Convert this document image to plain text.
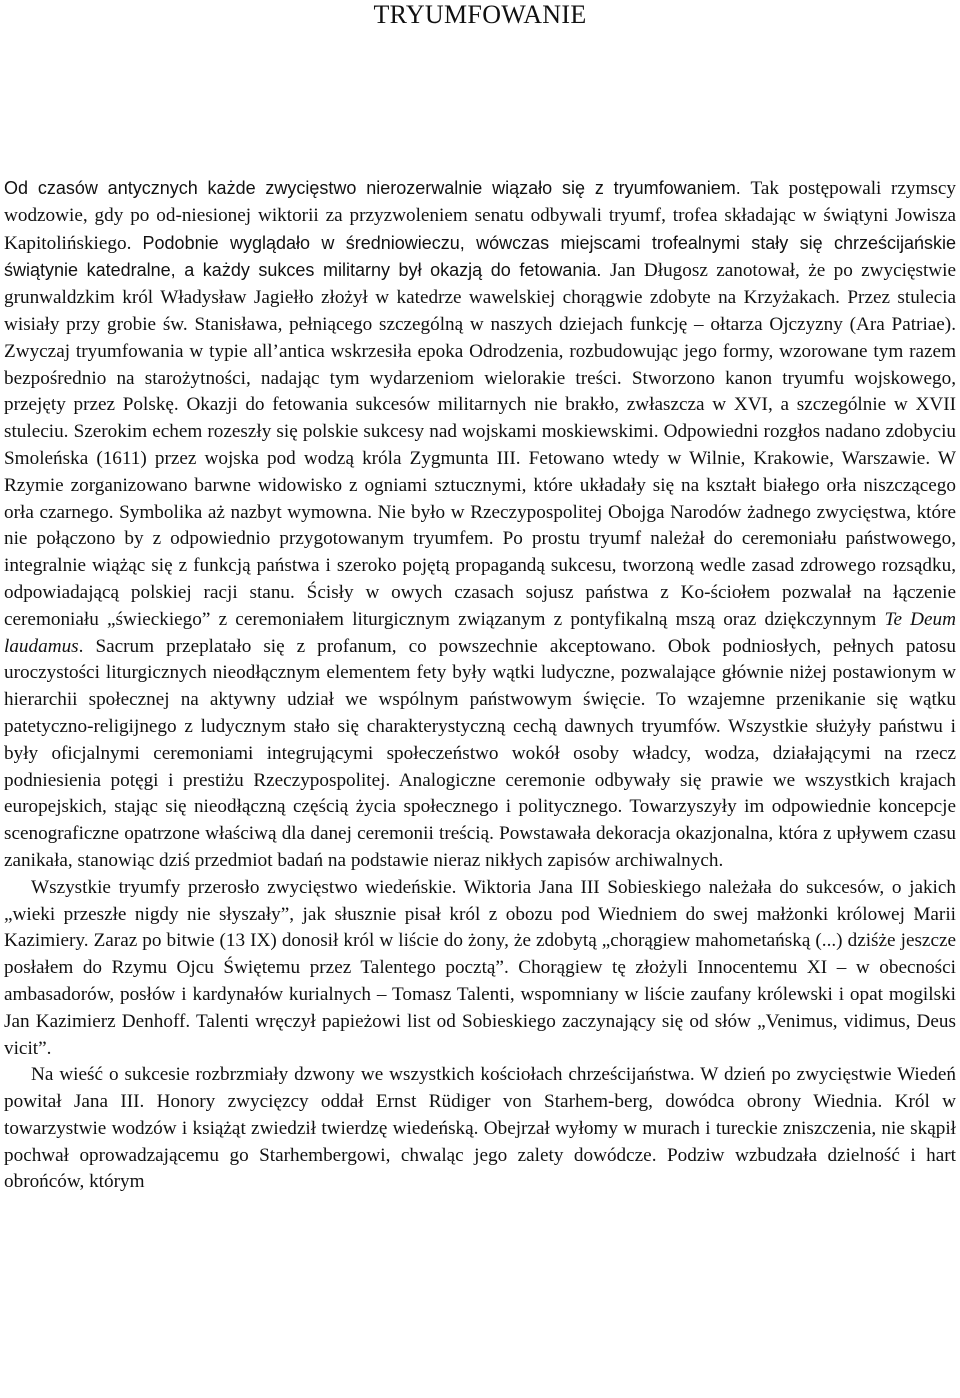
TRYUMFOWANIE

Od czasów antycznych każde zwycięstwo nierozerwalnie wiązało się z tryumfowaniem. Tak postępowali rzymscy wodzowie, gdy po od-niesionej wiktorii za przyzwoleniem senatu odbywali tryumf, trofea składając w świątyni Jowisza Kapitolińskiego. Podobnie wyglądało w średniowieczu, wówczas miejscami trofealnymi stały się chrześcijańskie świątynie katedralne, a każdy sukces militarny był okazją do fetowania. Jan Długosz zanotował, że po zwycięstwie grunwaldzkim król Władysław Jagiełło złożył w katedrze wawelskiej chorągwie zdobyte na Krzyżakach. Przez stulecia wisiały przy grobie św. Stanisława, pełniącego szczególną w naszych dziejach funkcję – ołtarza Ojczyzny (Ara Patriae). Zwyczaj tryumfowania w typie all’antica wskrzesiła epoka Odrodzenia, rozbudowując jego formy, wzorowane tym razem bezpośrednio na starożytności, nadając tym wydarzeniom wielorakie treści. Stworzono kanon tryumfu wojskowego, przejęty przez Polskę. Okazji do fetowania sukcesów militarnych nie brakło, zwłaszcza w XVI, a szczególnie w XVII stuleciu. Szerokim echem rozeszły się polskie sukcesy nad wojskami moskiewskimi. Odpowiedni rozgłos nadano zdobyciu Smoleńska (1611) przez wojska pod wodzą króla Zygmunta III. Fetowano wtedy w Wilnie, Krakowie, Warszawie. W Rzymie zorganizowano barwne widowisko z ogniami sztucznymi, które układały się na kształt białego orła niszczącego orła czarnego. Symbolika aż nazbyt wymowna. Nie było w Rzeczypospolitej Obojga Narodów żadnego zwycięstwa, które nie połączono by z odpowiednio przygotowanym tryumfem. Po prostu tryumf należał do ceremoniału państwowego, integralnie wiążąc się z funkcją państwa i szeroko pojętą propagandą sukcesu, tworzoną wedle zasad zdrowego rozsądku, odpowiadającą polskiej racji stanu. Ścisły w owych czasach sojusz państwa z Ko-ściołem pozwalał na łączenie ceremoniału „świeckiego” z ceremoniałem liturgicznym związanym z pontyfikalną mszą oraz dziękczynnym Te Deum laudamus. Sacrum przeplatało się z profanum, co powszechnie akceptowano. Obok podniosłych, pełnych patosu uroczystości liturgicznych nieodłącznym elementem fety były wątki ludyczne, pozwalające głównie niżej postawionym w hierarchii społecznej na aktywny udział we wspólnym państwowym święcie. To wzajemne przenikanie się wątku patetyczno-religijnego z ludycznym stało się charakterystyczną cechą dawnych tryumfów. Wszystkie służyły państwu i były oficjalnymi ceremoniami integrującymi społeczeństwo wokół osoby władcy, wodza, działającymi na rzecz podniesienia potęgi i prestiżu Rzeczypospolitej. Analogiczne ceremonie odbywały się prawie we wszystkich krajach europejskich, stając się nieodłączną częścią życia społecznego i politycznego. Towarzyszyły im odpowiednie koncepcje scenograficzne opatrzone właściwą dla danej ceremonii treścią. Powstawała dekoracja okazjonalna, która z upływem czasu zanikała, stanowiąc dziś przedmiot badań na podstawie nieraz nikłych zapisów archiwalnych.

Wszystkie tryumfy przerosło zwycięstwo wiedeńskie. Wiktoria Jana III Sobieskiego należała do sukcesów, o jakich „wieki przeszłe nigdy nie słyszały”, jak słusznie pisał król z obozu pod Wiedniem do swej małżonki królowej Marii Kazimiery. Zaraz po bitwie (13 IX) donosił król w liście do żony, że zdobytą „chorągiew mahometańską (...) dziśże jeszcze posłałem do Rzymu Ojcu Świętemu przez Talentego pocztą”. Chorągiew tę złożyli Innocentemu XI – w obecności ambasadorów, posłów i kardynałów kurialnych – Tomasz Talenti, wspomniany w liście zaufany królewski i opat mogilski Jan Kazimierz Denhoff. Talenti wręczył papieżowi list od Sobieskiego zaczynający się od słów „Venimus, vidimus, Deus vicit”.

Na wieść o sukcesie rozbrzmiały dzwony we wszystkich kościołach chrześcijaństwa. W dzień po zwycięstwie Wiedeń powitał Jana III. Honory zwycięzcy oddał Ernst Rüdiger von Starhem-berg, dowódca obrony Wiednia. Król w towarzystwie wodzów i książąt zwiedził twierdzę wiedeńską. Obejrzał wyłomy w murach i tureckie zniszczenia, nie skąpił pochwał oprowadzającemu go Starhembergowi, chwaląc jego zalety dowódcze. Podziw wzbudzała dzielność i hart obrońców, którym
